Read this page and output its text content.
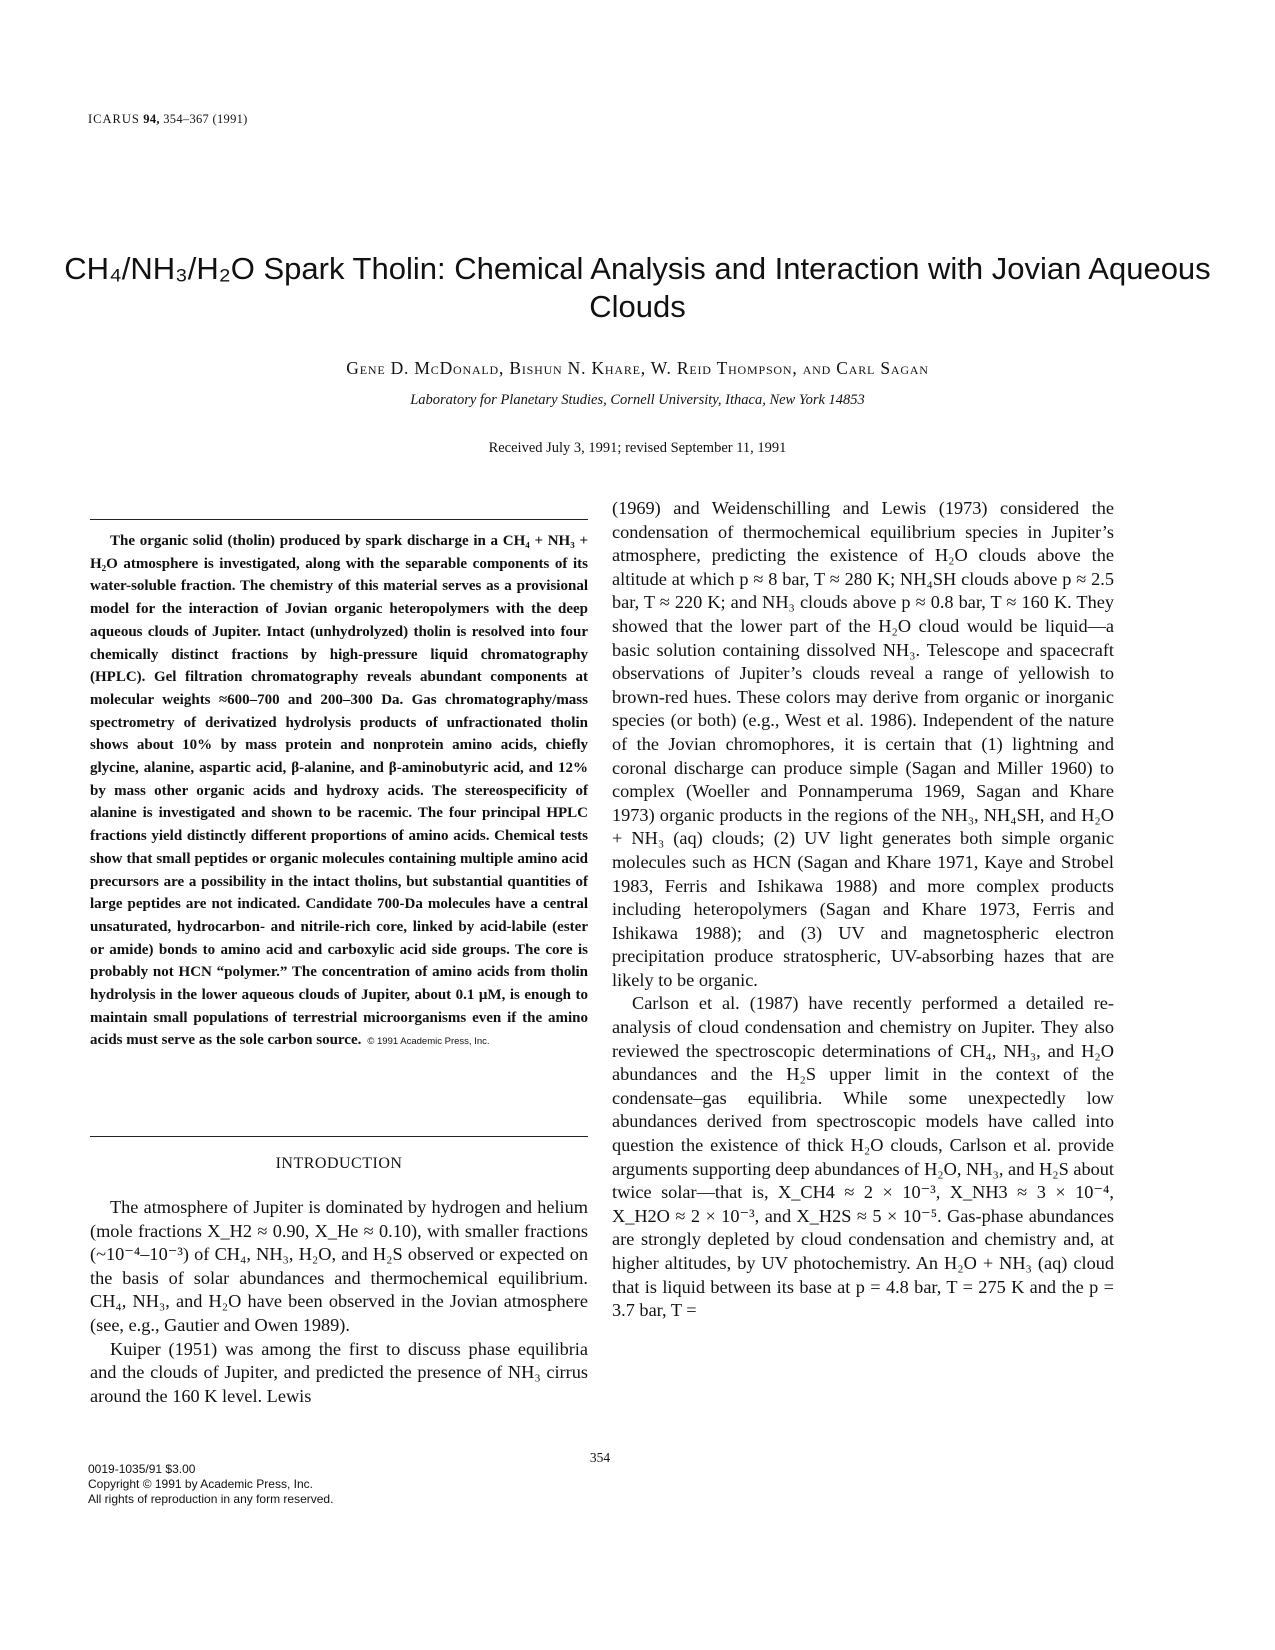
ICARUS 94, 354–367 (1991)
CH₄/NH₃/H₂O Spark Tholin: Chemical Analysis and Interaction with Jovian Aqueous Clouds
Gene D. McDonald, Bishun N. Khare, W. Reid Thompson, and Carl Sagan
Laboratory for Planetary Studies, Cornell University, Ithaca, New York 14853
Received July 3, 1991; revised September 11, 1991

The organic solid (tholin) produced by spark discharge in a CH₄ + NH₃ + H₂O atmosphere is investigated, along with the separable components of its water-soluble fraction. The chemistry of this material serves as a provisional model for the interaction of Jovian organic heteropolymers with the deep aqueous clouds of Jupiter. Intact (unhydrolyzed) tholin is resolved into four chemically distinct fractions by high-pressure liquid chromatography (HPLC). Gel filtration chromatography reveals abundant components at molecular weights ≈600–700 and 200–300 Da. Gas chromatography/mass spectrometry of derivatized hydrolysis products of unfractionated tholin shows about 10% by mass protein and nonprotein amino acids, chiefly glycine, alanine, aspartic acid, β-alanine, and β-aminobutyric acid, and 12% by mass other organic acids and hydroxy acids. The stereospecificity of alanine is investigated and shown to be racemic. The four principal HPLC fractions yield distinctly different proportions of amino acids. Chemical tests show that small peptides or organic molecules containing multiple amino acid precursors are a possibility in the intact tholins, but substantial quantities of large peptides are not indicated. Candidate 700-Da molecules have a central unsaturated, hydrocarbon- and nitrile-rich core, linked by acid-labile (ester or amide) bonds to amino acid and carboxylic acid side groups. The core is probably not HCN “polymer.” The concentration of amino acids from tholin hydrolysis in the lower aqueous clouds of Jupiter, about 0.1 μM, is enough to maintain small populations of terrestrial microorganisms even if the amino acids must serve as the sole carbon source. © 1991 Academic Press, Inc.

INTRODUCTION

The atmosphere of Jupiter is dominated by hydrogen and helium (mole fractions X_H2 ≈ 0.90, X_He ≈ 0.10), with smaller fractions (~10⁻⁴–10⁻³) of CH₄, NH₃, H₂O, and H₂S observed or expected on the basis of solar abundances and thermochemical equilibrium. CH₄, NH₃, and H₂O have been observed in the Jovian atmosphere (see, e.g., Gautier and Owen 1989).

Kuiper (1951) was among the first to discuss phase equilibria and the clouds of Jupiter, and predicted the presence of NH₃ cirrus around the 160 K level. Lewis

(1969) and Weidenschilling and Lewis (1973) considered the condensation of thermochemical equilibrium species in Jupiter’s atmosphere, predicting the existence of H₂O clouds above the altitude at which p ≈ 8 bar, T ≈ 280 K; NH₄SH clouds above p ≈ 2.5 bar, T ≈ 220 K; and NH₃ clouds above p ≈ 0.8 bar, T ≈ 160 K. They showed that the lower part of the H₂O cloud would be liquid—a basic solution containing dissolved NH₃. Telescope and spacecraft observations of Jupiter’s clouds reveal a range of yellowish to brown-red hues. These colors may derive from organic or inorganic species (or both) (e.g., West et al. 1986). Independent of the nature of the Jovian chromophores, it is certain that (1) lightning and coronal discharge can produce simple (Sagan and Miller 1960) to complex (Woeller and Ponnamperuma 1969, Sagan and Khare 1973) organic products in the regions of the NH₃, NH₄SH, and H₂O + NH₃ (aq) clouds; (2) UV light generates both simple organic molecules such as HCN (Sagan and Khare 1971, Kaye and Strobel 1983, Ferris and Ishikawa 1988) and more complex products including heteropolymers (Sagan and Khare 1973, Ferris and Ishikawa 1988); and (3) UV and magnetospheric electron precipitation produce stratospheric, UV-absorbing hazes that are likely to be organic.

Carlson et al. (1987) have recently performed a detailed re-analysis of cloud condensation and chemistry on Jupiter. They also reviewed the spectroscopic determinations of CH₄, NH₃, and H₂O abundances and the H₂S upper limit in the context of the condensate–gas equilibria. While some unexpectedly low abundances derived from spectroscopic models have called into question the existence of thick H₂O clouds, Carlson et al. provide arguments supporting deep abundances of H₂O, NH₃, and H₂S about twice solar—that is, X_CH4 ≈ 2 × 10⁻³, X_NH3 ≈ 3 × 10⁻⁴, X_H2O ≈ 2 × 10⁻³, and X_H2S ≈ 5 × 10⁻⁵. Gas-phase abundances are strongly depleted by cloud condensation and chemistry and, at higher altitudes, by UV photochemistry. An H₂O + NH₃ (aq) cloud that is liquid between its base at p = 4.8 bar, T = 275 K and the p = 3.7 bar, T =

354
0019-1035/91 $3.00
Copyright © 1991 by Academic Press, Inc.
All rights of reproduction in any form reserved.
